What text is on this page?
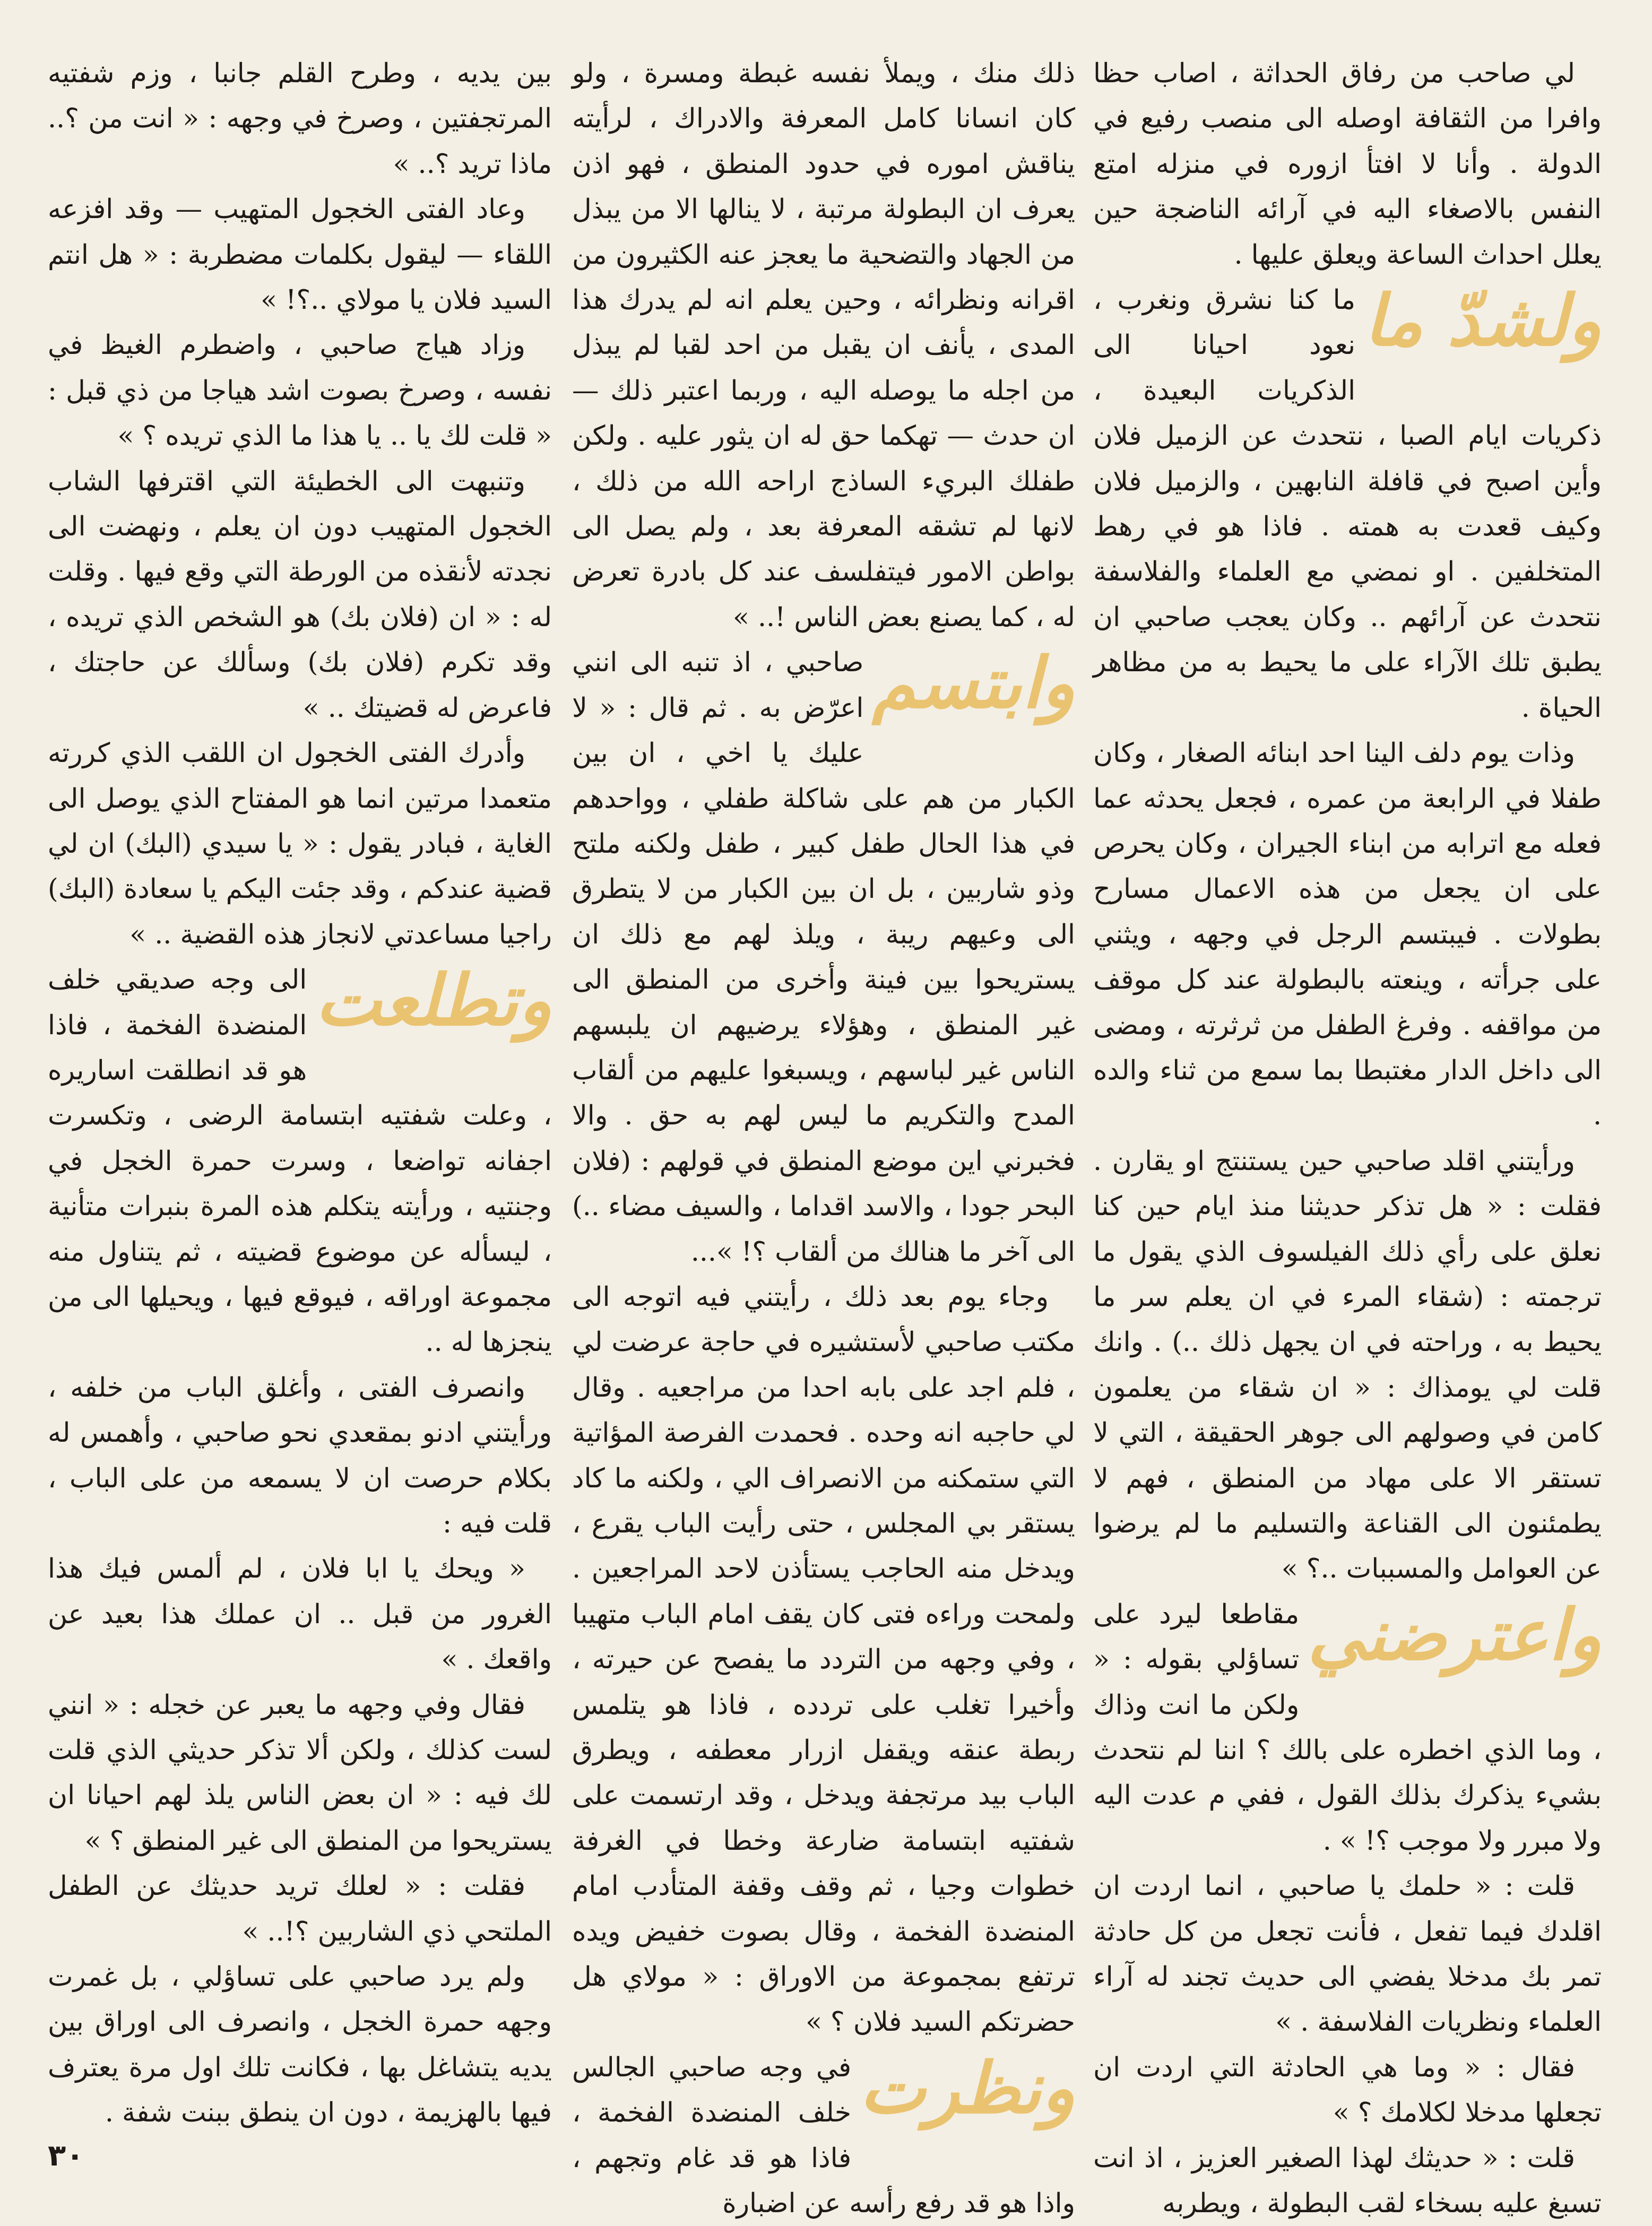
لي صاحب من رفاق الحداثة ، اصاب حظا وافرا من الثقافة اوصله الى منصب رفيع في الدولة . وأنا لا افتأ ازوره في منزله امتع النفس بالاصغاء اليه في آرائه الناضجة حين يعلل احداث الساعة ويعلق عليها .

ولشدّ ما
ما كنا نشرق ونغرب ، نعود احيانا الى الذكريات البعيدة ، ذكريات ايام الصبا ، نتحدث عن الزميل فلان وأين اصبح في قافلة النابهين ، والزميل فلان وكيف قعدت به همته . فاذا هو في رهط المتخلفين . او نمضي مع العلماء والفلاسفة نتحدث عن آرائهم .. وكان يعجب صاحبي ان يطبق تلك الآراء على ما يحيط به من مظاهر الحياة .

وذات يوم دلف الينا احد ابنائه الصغار ، وكان طفلا في الرابعة من عمره ، فجعل يحدثه عما فعله مع اترابه من ابناء الجيران ، وكان يحرص على ان يجعل من هذه الاعمال مسارح بطولات . فيبتسم الرجل في وجهه ، ويثني على جرأته ، وينعته بالبطولة عند كل موقف من مواقفه . وفرغ الطفل من ثرثرته ، ومضى الى داخل الدار مغتبطا بما سمع من ثناء والده .

ورأيتني اقلد صاحبي حين يستنتج او يقارن . فقلت : « هل تذكر حديثنا منذ ايام حين كنا نعلق على رأي ذلك الفيلسوف الذي يقول ما ترجمته : (شقاء المرء في ان يعلم سر ما يحيط به ، وراحته في ان يجهل ذلك ..) . وانك قلت لي يومذاك : « ان شقاء من يعلمون كامن في وصولهم الى جوهر الحقيقة ، التي لا تستقر الا على مهاد من المنطق ، فهم لا يطمئنون الى القناعة والتسليم ما لم يرضوا عن العوامل والمسببات ..؟ »

واعترضني
مقاطعا ليرد على تساؤلي بقوله : « ولكن ما انت وذاك ، وما الذي اخطره على بالك ؟ اننا لم نتحدث بشيء يذكرك بذلك القول ، ففي م عدت اليه ولا مبرر ولا موجب ؟! » .

قلت : « حلمك يا صاحبي ، انما اردت ان اقلدك فيما تفعل ، فأنت تجعل من كل حادثة تمر بك مدخلا يفضي الى حديث تجند له آراء العلماء ونظريات الفلاسفة . »

فقال : « وما هي الحادثة التي اردت ان تجعلها مدخلا لكلامك ؟ »

قلت : « حديثك لهذا الصغير العزيز ، اذ انت تسبغ عليه بسخاء لقب البطولة ، ويطربه

ذلك منك ، ويملأ نفسه غبطة ومسرة ، ولو كان انسانا كامل المعرفة والادراك ، لرأيته يناقش اموره في حدود المنطق ، فهو اذن يعرف ان البطولة مرتبة ، لا ينالها الا من يبذل من الجهاد والتضحية ما يعجز عنه الكثيرون من اقرانه ونظرائه ، وحين يعلم انه لم يدرك هذا المدى ، يأنف ان يقبل من احد لقبا لم يبذل من اجله ما يوصله اليه ، وربما اعتبر ذلك — ان حدث — تهكما حق له ان يثور عليه . ولكن طفلك البريء الساذج اراحه الله من ذلك ، لانها لم تشقه المعرفة بعد ، ولم يصل الى بواطن الامور فيتفلسف عند كل بادرة تعرض له ، كما يصنع بعض الناس !.. »

وابتسم
صاحبي ، اذ تنبه الى انني اعرّض به . ثم قال : « لا عليك يا اخي ، ان بين الكبار من هم على شاكلة طفلي ، وواحدهم في هذا الحال طفل كبير ، طفل ولكنه ملتح وذو شاربين ، بل ان بين الكبار من لا يتطرق الى وعيهم ريبة ، ويلذ لهم مع ذلك ان يستريحوا بين فينة وأخرى من المنطق الى غير المنطق ، وهؤلاء يرضيهم ان يلبسهم الناس غير لباسهم ، ويسبغوا عليهم من ألقاب المدح والتكريم ما ليس لهم به حق . والا فخبرني اين موضع المنطق في قولهم : (فلان البحر جودا ، والاسد اقداما ، والسيف مضاء ..) الى آخر ما هنالك من ألقاب ؟! »...

وجاء يوم بعد ذلك ، رأيتني فيه اتوجه الى مكتب صاحبي لأستشيره في حاجة عرضت لي ، فلم اجد على بابه احدا من مراجعيه . وقال لي حاجبه انه وحده . فحمدت الفرصة المؤاتية التي ستمكنه من الانصراف الي ، ولكنه ما كاد يستقر بي المجلس ، حتى رأيت الباب يقرع ، ويدخل منه الحاجب يستأذن لاحد المراجعين . ولمحت وراءه فتى كان يقف امام الباب متهيبا ، وفي وجهه من التردد ما يفصح عن حيرته ، وأخيرا تغلب على تردده ، فاذا هو يتلمس ربطة عنقه ويقفل ازرار معطفه ، ويطرق الباب بيد مرتجفة ويدخل ، وقد ارتسمت على شفتيه ابتسامة ضارعة وخطا في الغرفة خطوات وجيا ، ثم وقف وقفة المتأدب امام المنضدة الفخمة ، وقال بصوت خفيض ويده ترتفع بمجموعة من الاوراق : « مولاي هل حضرتكم السيد فلان ؟ »

ونظرت
في وجه صاحبي الجالس خلف المنضدة الفخمة ، فاذا هو قد غام وتجهم ، واذا هو قد رفع رأسه عن اضبارة

بين يديه ، وطرح القلم جانبا ، وزم شفتيه المرتجفتين ، وصرخ في وجهه : « انت من ؟.. ماذا تريد ؟.. »

وعاد الفتى الخجول المتهيب — وقد افزعه اللقاء — ليقول بكلمات مضطربة : « هل انتم السيد فلان يا مولاي ..؟! »

وزاد هياج صاحبي ، واضطرم الغيظ في نفسه ، وصرخ بصوت اشد هياجا من ذي قبل : « قلت لك يا .. يا هذا ما الذي تريده ؟ »

وتنبهت الى الخطيئة التي اقترفها الشاب الخجول المتهيب دون ان يعلم ، ونهضت الى نجدته لأنقذه من الورطة التي وقع فيها . وقلت له : « ان (فلان بك) هو الشخص الذي تريده ، وقد تكرم (فلان بك) وسألك عن حاجتك ، فاعرض له قضيتك .. »

وأدرك الفتى الخجول ان اللقب الذي كررته متعمدا مرتين انما هو المفتاح الذي يوصل الى الغاية ، فبادر يقول : « يا سيدي (البك) ان لي قضية عندكم ، وقد جئت اليكم يا سعادة (البك) راجيا مساعدتي لانجاز هذه القضية .. »

وتطلعت
الى وجه صديقي خلف المنضدة الفخمة ، فاذا هو قد انطلقت اساريره ، وعلت شفتيه ابتسامة الرضى ، وتكسرت اجفانه تواضعا ، وسرت حمرة الخجل في وجنتيه ، ورأيته يتكلم هذه المرة بنبرات متأنية ، ليسأله عن موضوع قضيته ، ثم يتناول منه مجموعة اوراقه ، فيوقع فيها ، ويحيلها الى من ينجزها له ..

وانصرف الفتى ، وأغلق الباب من خلفه ، ورأيتني ادنو بمقعدي نحو صاحبي ، وأهمس له بكلام حرصت ان لا يسمعه من على الباب ، قلت فيه :

« ويحك يا ابا فلان ، لم ألمس فيك هذا الغرور من قبل .. ان عملك هذا بعيد عن واقعك . »

فقال وفي وجهه ما يعبر عن خجله : « انني لست كذلك ، ولكن ألا تذكر حديثي الذي قلت لك فيه : « ان بعض الناس يلذ لهم احيانا ان يستريحوا من المنطق الى غير المنطق ؟ »

فقلت : « لعلك تريد حديثك عن الطفل الملتحي ذي الشاربين ؟!.. »

ولم يرد صاحبي على تساؤلي ، بل غمرت وجهه حمرة الخجل ، وانصرف الى اوراق بين يديه يتشاغل بها ، فكانت تلك اول مرة يعترف فيها بالهزيمة ، دون ان ينطق ببنت شفة .

٣٠
